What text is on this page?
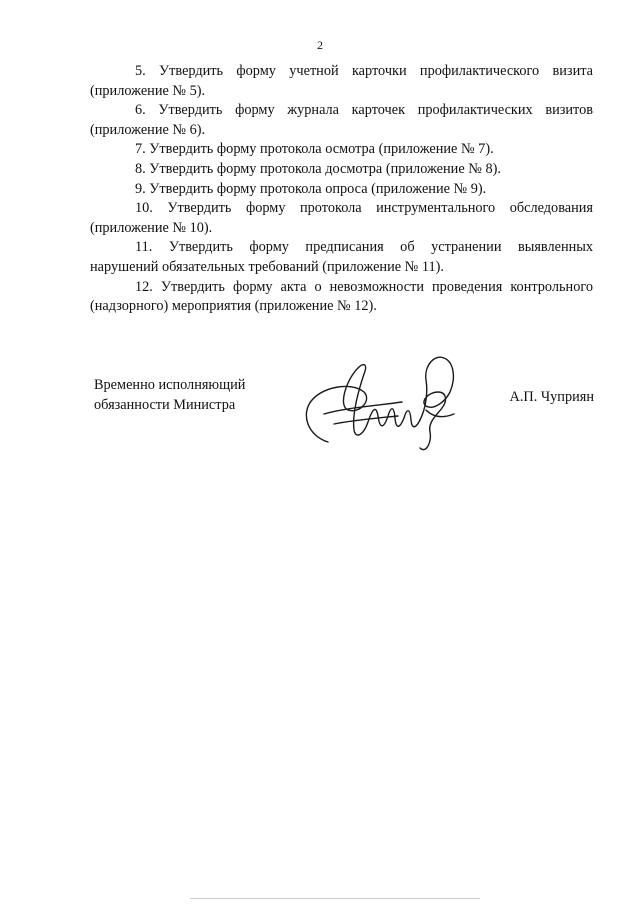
2

5. Утвердить форму учетной карточки профилактического визита
(приложение № 5).

6. Утвердить форму журнала карточек профилактических визитов
(приложение № 6).

7. Утвердить форму протокола осмотра (приложение № 7).

8. Утвердить форму протокола досмотра (приложение № 8).

9. Утвердить форму протокола опроса (приложение № 9).

10. Утвердить форму протокола инструментального обследования
(приложение № 10).

11. Утвердить форму предписания об устранении выявленных
нарушений обязательных требований (приложение № 11).

12. Утвердить форму акта о невозможности проведения контрольного
(надзорного) мероприятия (приложение № 12).

Временно исполняющий
обязанности Министра	А.П. Чуприян
